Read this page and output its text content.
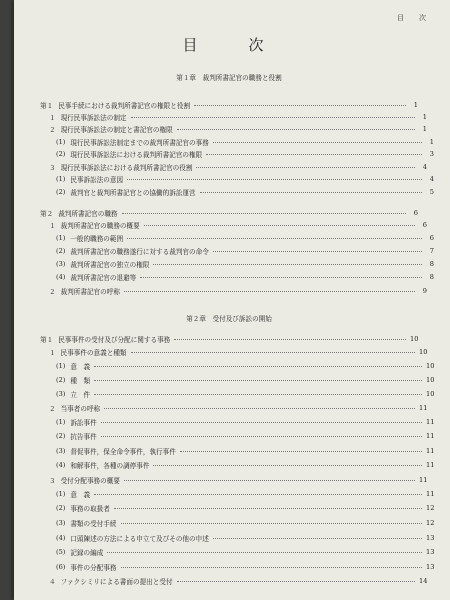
目　次
目　次
第１章　裁判所書記官の職務と役割
第１ 民事手続における裁判所書記官の権限と役割	1
１ 現行民事訴訟法の制定	1
２ 現行民事訴訟法の制定と書記官の権限	1
(1) 現行民事訴訟法制定までの裁判所書記官の事務	1
(2) 現行民事訴訟法における裁判所書記官の権限	3
３ 現行民事訴訟法における裁判所書記官の役割	4
(1) 民事訴訟法の意図	4
(2) 裁判官と裁判所書記官との協働的訴訟運営	5
第２ 裁判所書記官の職務	6
１ 裁判所書記官の職務の概要	6
(1) 一般的職務の範囲	6
(2) 裁判所書記官の職務遂行に対する裁判官の命令	7
(3) 裁判所書記官の独立の権限	8
(4) 裁判所書記官の退避等	8
２ 裁判所書記官の呼称	9
第２章　受付及び訴訟の開始
第１ 民事事件の受付及び分配に関する事務	10
１ 民事事件の意義と種類	10
(1) 意　義	10
(2) 種　類	10
(3) 立　件	10
２ 当事者の呼称	11
(1) 訴訟事件	11
(2) 抗告事件	11
(3) 督促事件，保全命令事件，執行事件	11
(4) 和解事件，各種の調停事件	11
３ 受付分配事務の概要	11
(1) 意　義	11
(2) 事務の取扱者	12
(3) 書類の受付手続	12
(4) 口頭陳述の方法による申立て及びその他の申述	13
(5) 記録の編成	13
(6) 事件の分配事務	13
４ ファクシミリによる書面の提出と受付	14
